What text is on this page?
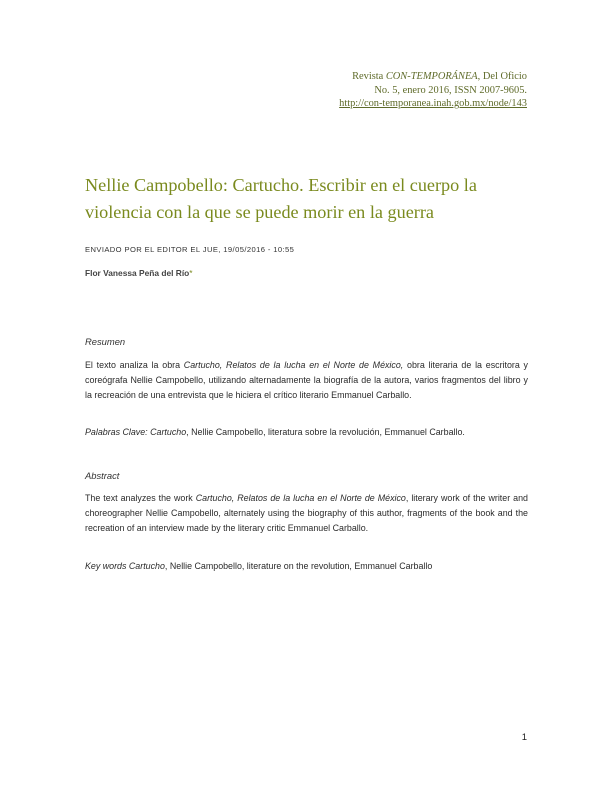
Revista CON-TEMPORÁNEA, Del Oficio
No. 5, enero 2016, ISSN 2007-9605.
http://con-temporanea.inah.gob.mx/node/143
Nellie Campobello: Cartucho. Escribir en el cuerpo la violencia con la que se puede morir en la guerra
ENVIADO POR EL EDITOR EL JUE, 19/05/2016 - 10:55
Flor Vanessa Peña del Río*
Resumen

El texto analiza la obra Cartucho, Relatos de la lucha en el Norte de México, obra literaria de la escritora y coreógrafa Nellie Campobello, utilizando alternadamente la biografía de la autora, varios fragmentos del libro y la recreación de una entrevista que le hiciera el crítico literario Emmanuel Carballo.

Palabras Clave: Cartucho, Nellie Campobello, literatura sobre la revolución, Emmanuel Carballo.

Abstract

The text analyzes the work Cartucho, Relatos de la lucha en el Norte de México, literary work of the writer and choreographer Nellie Campobello, alternately using the biography of this author, fragments of the book and the recreation of an interview made by the literary critic Emmanuel Carballo.

Key words Cartucho, Nellie Campobello, literature on the revolution, Emmanuel Carballo

1
